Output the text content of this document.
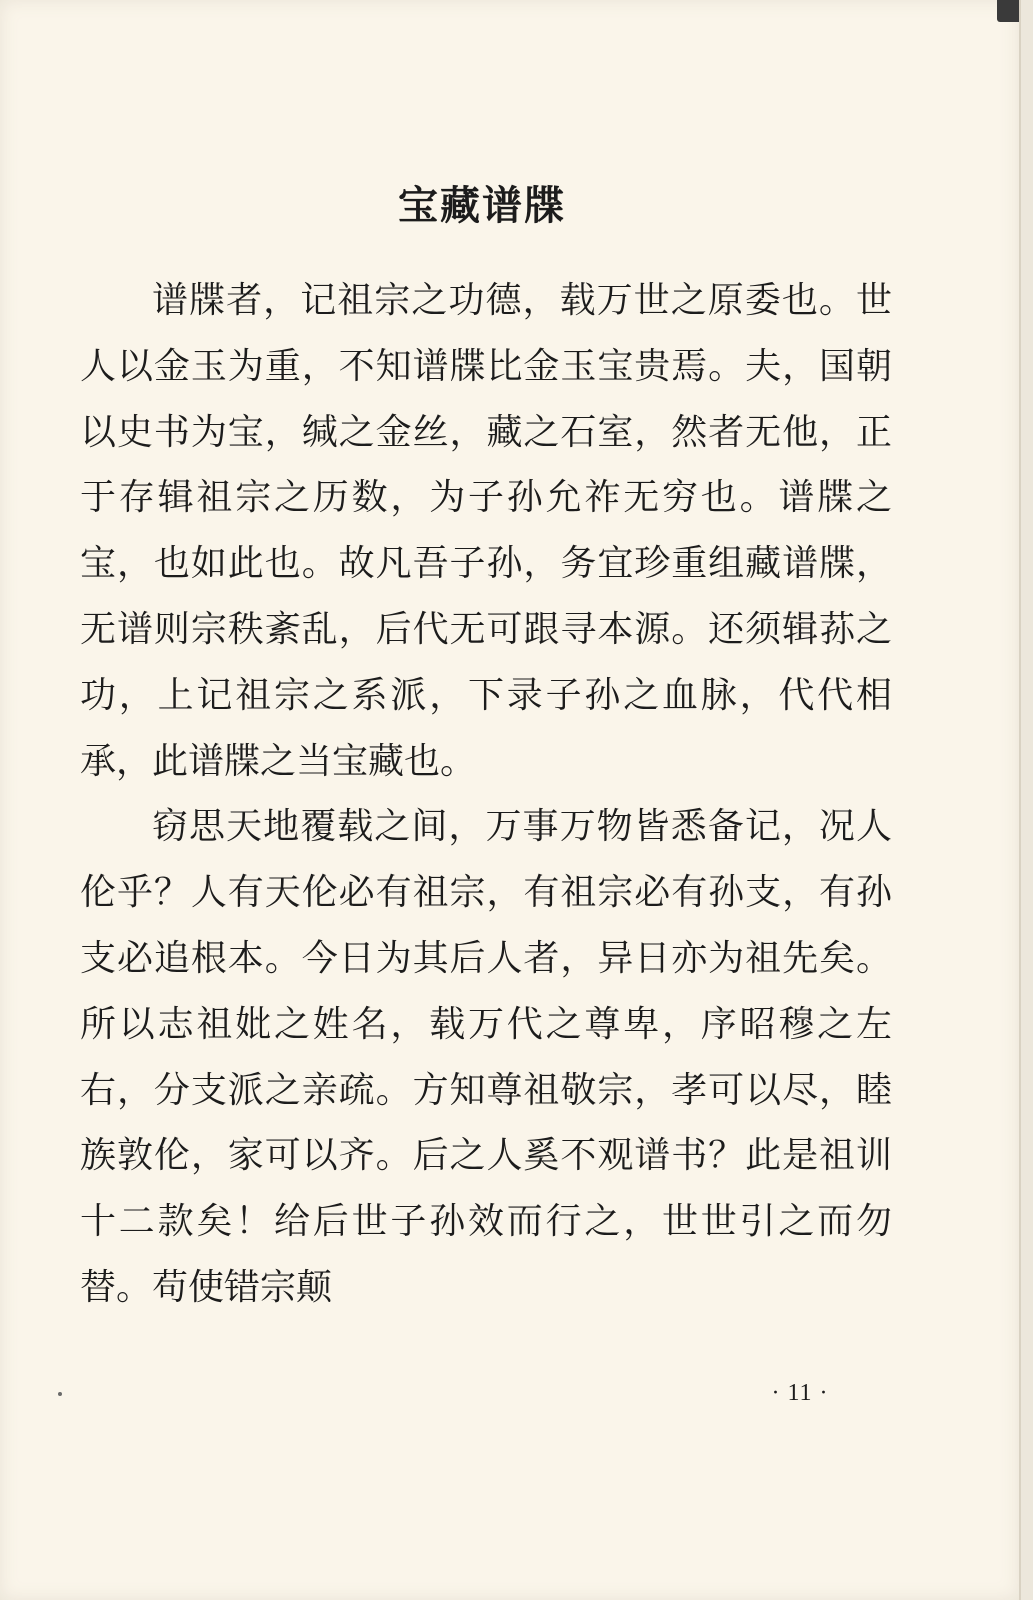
宝藏谱牒

谱牒者，记祖宗之功德，载万世之原委也。世人以金玉为重，不知谱牒比金玉宝贵焉。夫，国朝以史书为宝，缄之金丝，藏之石室，然者无他，正于存辑祖宗之历数，为子孙允祚无穷也。谱牒之宝，也如此也。故凡吾子孙，务宜珍重组藏谱牒，无谱则宗秩紊乱，后代无可跟寻本源。还须辑荪之功，上记祖宗之系派，下录子孙之血脉，代代相承，此谱牒之当宝藏也。

窃思天地覆载之间，万事万物皆悉备记，况人伦乎？人有天伦必有祖宗，有祖宗必有孙支，有孙支必追根本。今日为其后人者，异日亦为祖先矣。所以志祖妣之姓名，载万代之尊卑，序昭穆之左右，分支派之亲疏。方知尊祖敬宗，孝可以尽，睦族敦伦，家可以齐。后之人奚不观谱书？此是祖训十二款矣！给后世子孙效而行之，世世引之而勿替。苟使错宗颠

· 11 ·
